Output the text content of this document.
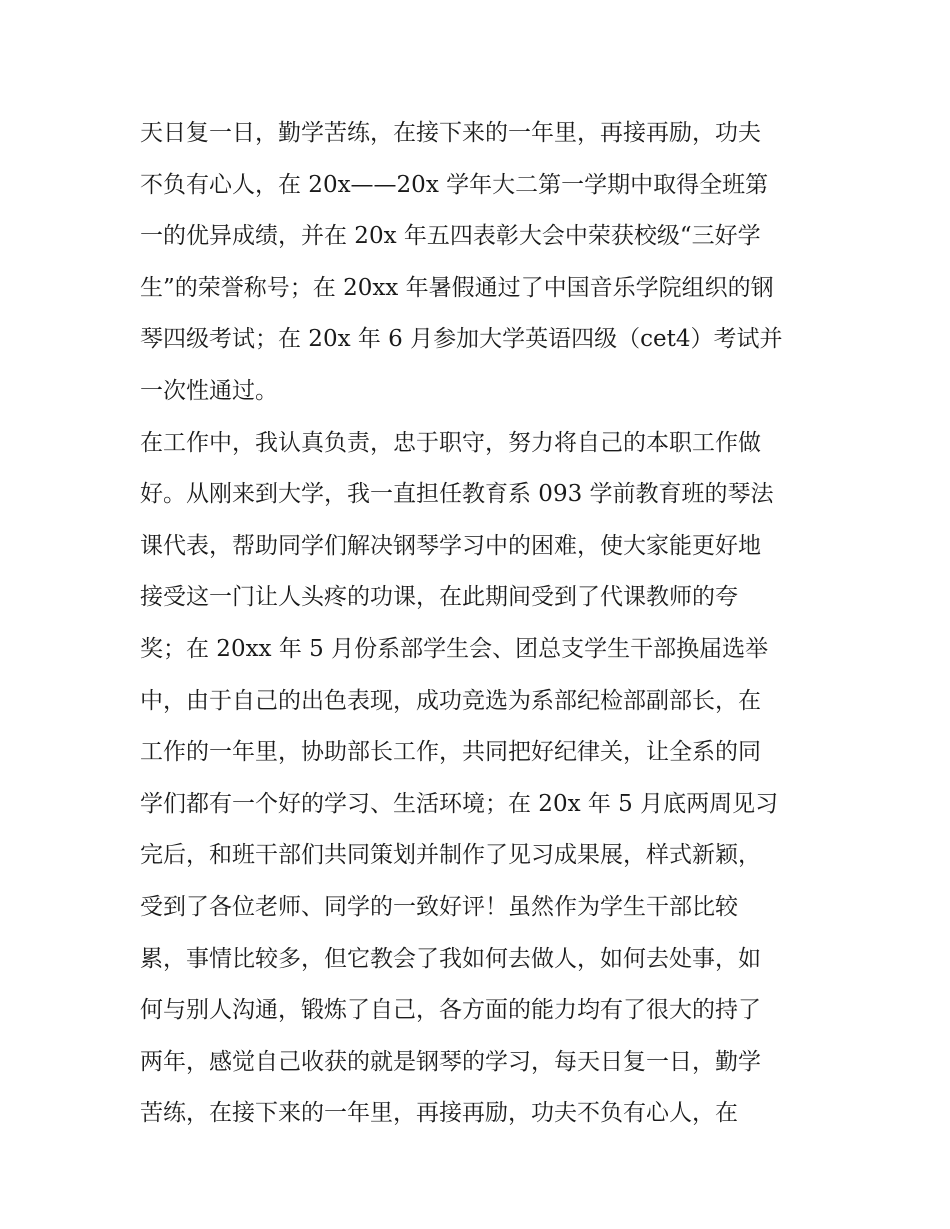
天日复一日，勤学苦练，在接下来的一年里，再接再励，功夫
不负有心人，在 20x——20x 学年大二第一学期中取得全班第
一的优异成绩，并在 20x 年五四表彰大会中荣获校级“三好学
生”的荣誉称号；在 20xx 年暑假通过了中国音乐学院组织的钢
琴四级考试；在 20x 年 6 月参加大学英语四级（cet4）考试并
一次性通过。
在工作中，我认真负责，忠于职守，努力将自己的本职工作做
好。从刚来到大学，我一直担任教育系 093 学前教育班的琴法
课代表，帮助同学们解决钢琴学习中的困难，使大家能更好地
接受这一门让人头疼的功课，在此期间受到了代课教师的夸
奖；在 20xx 年 5 月份系部学生会、团总支学生干部换届选举
中，由于自己的出色表现，成功竞选为系部纪检部副部长，在
工作的一年里，协助部长工作，共同把好纪律关，让全系的同
学们都有一个好的学习、生活环境；在 20x 年 5 月底两周见习
完后，和班干部们共同策划并制作了见习成果展，样式新颖，
受到了各位老师、同学的一致好评！虽然作为学生干部比较
累，事情比较多，但它教会了我如何去做人，如何去处事，如
何与别人沟通，锻炼了自己，各方面的能力均有了很大的持了
两年，感觉自己收获的就是钢琴的学习，每天日复一日，勤学
苦练，在接下来的一年里，再接再励，功夫不负有心人，在
